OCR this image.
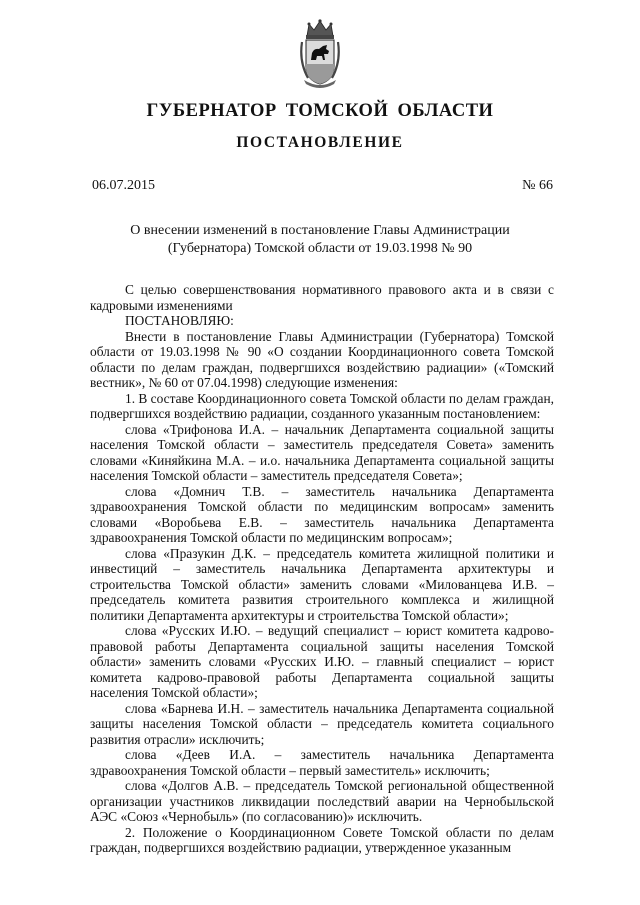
ГУБЕРНАТОР ТОМСКОЙ ОБЛАСТИ
ПОСТАНОВЛЕНИЕ
06.07.2015	№ 66
О внесении изменений в постановление Главы Администрации (Губернатора) Томской области от 19.03.1998 № 90

С целью совершенствования нормативного правового акта и в связи с кадровыми изменениями

ПОСТАНОВЛЯЮ:

Внести в постановление Главы Администрации (Губернатора) Томской области от 19.03.1998 № 90 «О создании Координационного совета Томской области по делам граждан, подвергшихся воздействию радиации» («Томский вестник», № 60 от 07.04.1998) следующие изменения:

1. В составе Координационного совета Томской области по делам граждан, подвергшихся воздействию радиации, созданного указанным постановлением:

слова «Трифонова И.А. – начальник Департамента социальной защиты населения Томской области – заместитель председателя Совета» заменить словами «Киняйкина М.А. – и.о. начальника Департамента социальной защиты населения Томской области – заместитель председателя Совета»;

слова «Домнич Т.В. – заместитель начальника Департамента здравоохранения Томской области по медицинским вопросам» заменить словами «Воробьева Е.В. – заместитель начальника Департамента здравоохранения Томской области по медицинским вопросам»;

слова «Празукин Д.К. – председатель комитета жилищной политики и инвестиций – заместитель начальника Департамента архитектуры и строительства Томской области» заменить словами «Милованцева И.В. – председатель комитета развития строительного комплекса и жилищной политики Департамента архитектуры и строительства Томской области»;

слова «Русских И.Ю. – ведущий специалист – юрист комитета кадрово-правовой работы Департамента социальной защиты населения Томской области» заменить словами «Русских И.Ю. – главный специалист – юрист комитета кадрово-правовой работы Департамента социальной защиты населения Томской области»;

слова «Барнева И.Н. – заместитель начальника Департамента социальной защиты населения Томской области – председатель комитета социального развития отрасли» исключить;

слова «Деев И.А. – заместитель начальника Департамента здравоохранения Томской области – первый заместитель» исключить;

слова «Долгов А.В. – председатель Томской региональной общественной организации участников ликвидации последствий аварии на Чернобыльской АЭС «Союз «Чернобыль» (по согласованию)» исключить.

2. Положение о Координационном Совете Томской области по делам граждан, подвергшихся воздействию радиации, утвержденное указанным
